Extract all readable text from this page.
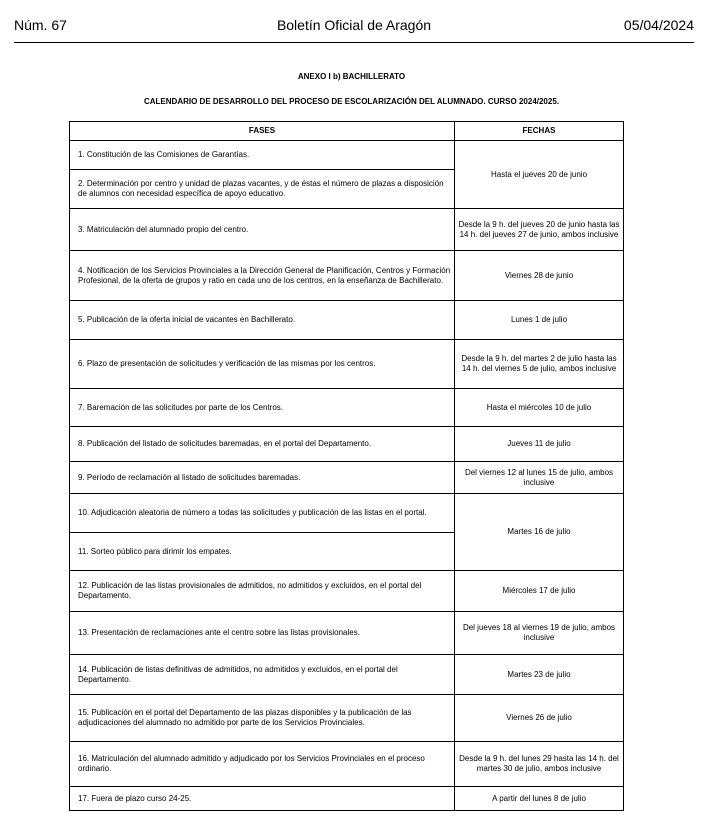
Núm. 67	Boletín Oficial de Aragón	05/04/2024
ANEXO I b) BACHILLERATO
CALENDARIO DE DESARROLLO DEL PROCESO DE ESCOLARIZACIÓN DEL ALUMNADO. CURSO 2024/2025.
FASES	FECHAS
1. Constitución de las Comisiones de Garantías.	Hasta el jueves 20 de junio
2. Determinación por centro y unidad de plazas vacantes, y de éstas el número de plazas a disposición de alumnos con necesidad específica de apoyo educativo.	
3. Matriculación del alumnado propio del centro.	Desde la 9 h. del jueves 20 de junio hasta las 14 h. del jueves 27 de junio, ambos inclusive
4. Notificación de los Servicios Provinciales a la Dirección General de Planificación, Centros y Formación Profesional, de la oferta de grupos y ratio en cada uno de los centros, en la enseñanza de Bachillerato.	Viernes 28 de junio
5. Publicación de la oferta inicial de vacantes en Bachillerato.	Lunes 1 de julio
6. Plazo de presentación de solicitudes y verificación de las mismas por los centros.	Desde la 9 h. del martes 2 de julio hasta las 14 h. del viernes 5 de julio, ambos inclusive
7. Baremación de las solicitudes por parte de los Centros.	Hasta el miércoles 10 de julio
8. Publicación del listado de solicitudes baremadas, en el portal del Departamento.	Jueves 11 de julio
9. Período de reclamación al listado de solicitudes baremadas.	Del viernes 12 al lunes 15 de julio, ambos inclusive
10. Adjudicación aleatoria de número a todas las solicitudes y publicación de las listas en el portal.	Martes 16 de julio
11. Sorteo público para dirimir los empates.	
12. Publicación de las listas provisionales de admitidos, no admitidos y excluidos, en el portal del Departamento.	Miércoles 17 de julio
13. Presentación de reclamaciones ante el centro sobre las listas provisionales.	Del jueves 18 al viernes 19 de julio, ambos inclusive
14. Publicación de listas definitivas de admitidos, no admitidos y excluidos, en el portal del Departamento.	Martes 23 de julio
15. Publicación en el portal del Departamento de las plazas disponibles y la publicación de las adjudicaciones del alumnado no admitido por parte de los Servicios Provinciales.	Viernes 26 de julio
16. Matriculación del alumnado admitido y adjudicado por los Servicios Provinciales en el proceso ordinario.	Desde la 9 h. del lunes 29 hasta las 14 h. del martes 30 de julio, ambos inclusive
17. Fuera de plazo curso 24-25.	A partir del lunes 8 de julio
